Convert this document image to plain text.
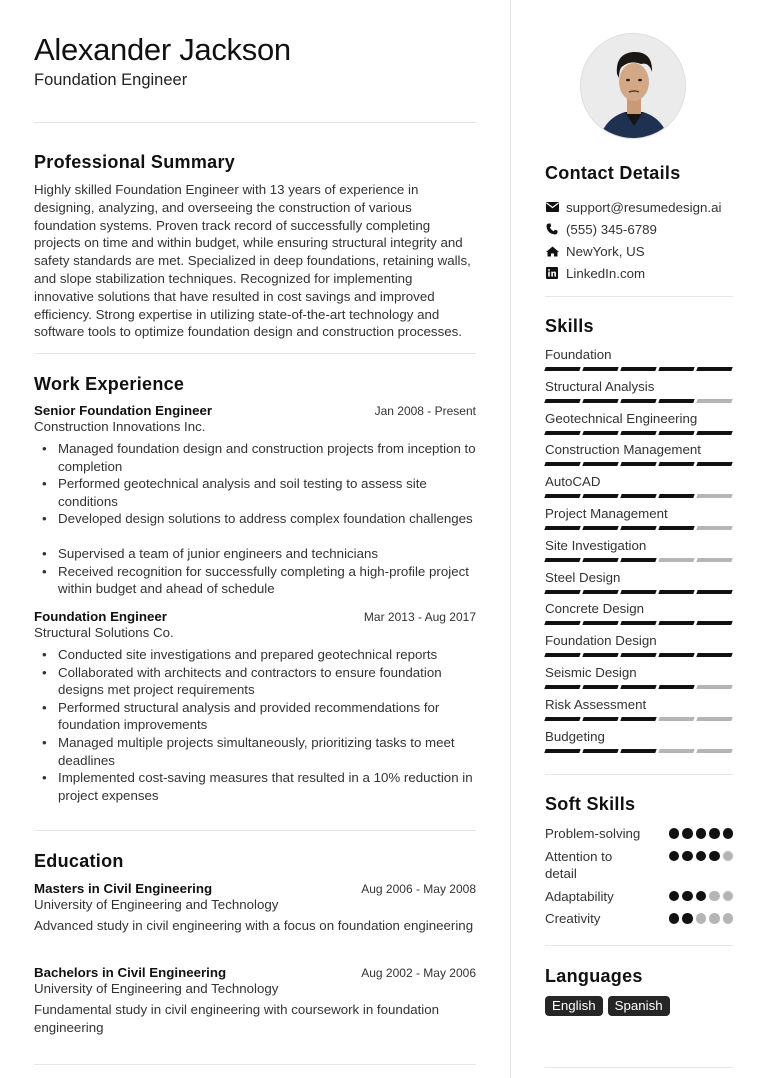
Alexander Jackson
Foundation Engineer
Professional Summary

Highly skilled Foundation Engineer with 13 years of experience in designing, analyzing, and overseeing the construction of various foundation systems. Proven track record of successfully completing projects on time and within budget, while ensuring structural integrity and safety standards are met. Specialized in deep foundations, retaining walls, and slope stabilization techniques. Recognized for implementing innovative solutions that have resulted in cost savings and improved efficiency. Strong expertise in utilizing state-of-the-art technology and software tools to optimize foundation design and construction processes.

Work Experience
Senior Foundation Engineer	Jan 2008 - Present
Construction Innovations Inc.
• Managed foundation design and construction projects from inception to completion
• Performed geotechnical analysis and soil testing to assess site conditions
• Developed design solutions to address complex foundation challenges
• Supervised a team of junior engineers and technicians
• Received recognition for successfully completing a high-profile project within budget and ahead of schedule
Foundation Engineer	Mar 2013 - Aug 2017
Structural Solutions Co.
• Conducted site investigations and prepared geotechnical reports
• Collaborated with architects and contractors to ensure foundation designs met project requirements
• Performed structural analysis and provided recommendations for foundation improvements
• Managed multiple projects simultaneously, prioritizing tasks to meet deadlines
• Implemented cost-saving measures that resulted in a 10% reduction in project expenses
Education
Masters in Civil Engineering	Aug 2006 - May 2008
University of Engineering and Technology
Advanced study in civil engineering with a focus on foundation engineering
Bachelors in Civil Engineering	Aug 2002 - May 2006
University of Engineering and Technology
Fundamental study in civil engineering with coursework in foundation engineering
Contact Details
support@resumedesign.ai
(555) 345-6789
NewYork, US
LinkedIn.com
Skills
Foundation
Structural Analysis
Geotechnical Engineering
Construction Management
AutoCAD
Project Management
Site Investigation
Steel Design
Concrete Design
Foundation Design
Seismic Design
Risk Assessment
Budgeting
Soft Skills
Problem-solving
Attention to detail
Adaptability
Creativity
Languages
English	Spanish
